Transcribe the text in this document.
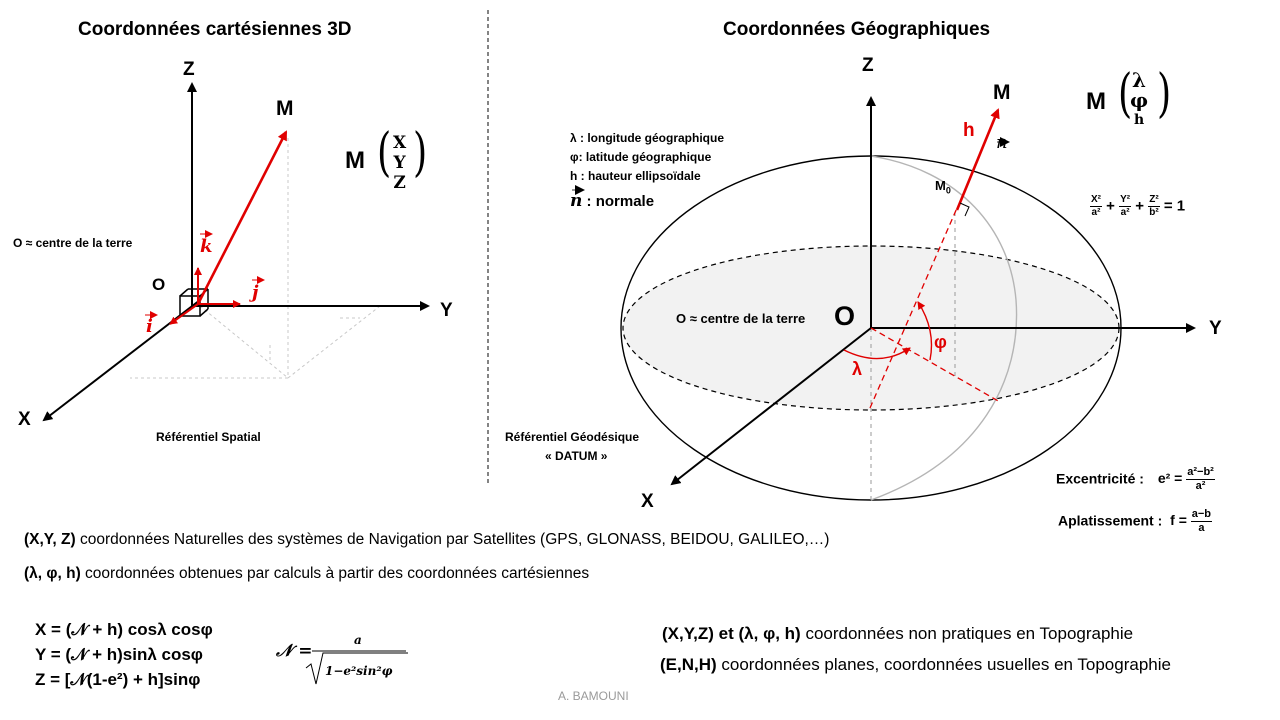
Coordonnées cartésiennes 3D
Z
Y
X
O
M
k
j
i
O ≈ centre de la terre
Référentiel Spatial
M ( )
X
Y
Z
Coordonnées Géographiques
Z
Y
X
O
M
$M_0$
h
n
λ
φ
O ≈ centre de la terre
Référentiel Géodésique
« DATUM »
λ : longitude géographique
φ: latitude géographique
h : hauteur ellipsoïdale
n : normale
M ( )
λ
φ
h
$\frac{\text{X²}}{\text{a²}} + \frac{\text{Y²}}{\text{a²}} + \frac{\text{Z²}}{\text{b²}} = 1$
Excentricité : $e^2 = \frac{\text{a²−b²}}{\text{a²}}$
Aplatissement : $f = \frac{a-b}{a}$
(X,Y, Z) coordonnées Naturelles des systèmes de Navigation par Satellites (GPS, GLONASS, BEIDOU, GALILEO,…)
(λ, φ, h) coordonnées obtenues par calculs à partir des coordonnées cartésiennes
X = (𝒩 + h) cosλ cosφ
Y = (𝒩 + h)sinλ cosφ
Z = [𝒩(1-e²) + h]sinφ
𝒩 =
a
1−e²sin²φ
(X,Y,Z) et (λ, φ, h) coordonnées non pratiques en Topographie
(E,N,H) coordonnées planes, coordonnées usuelles en Topographie
A. BAMOUNI
